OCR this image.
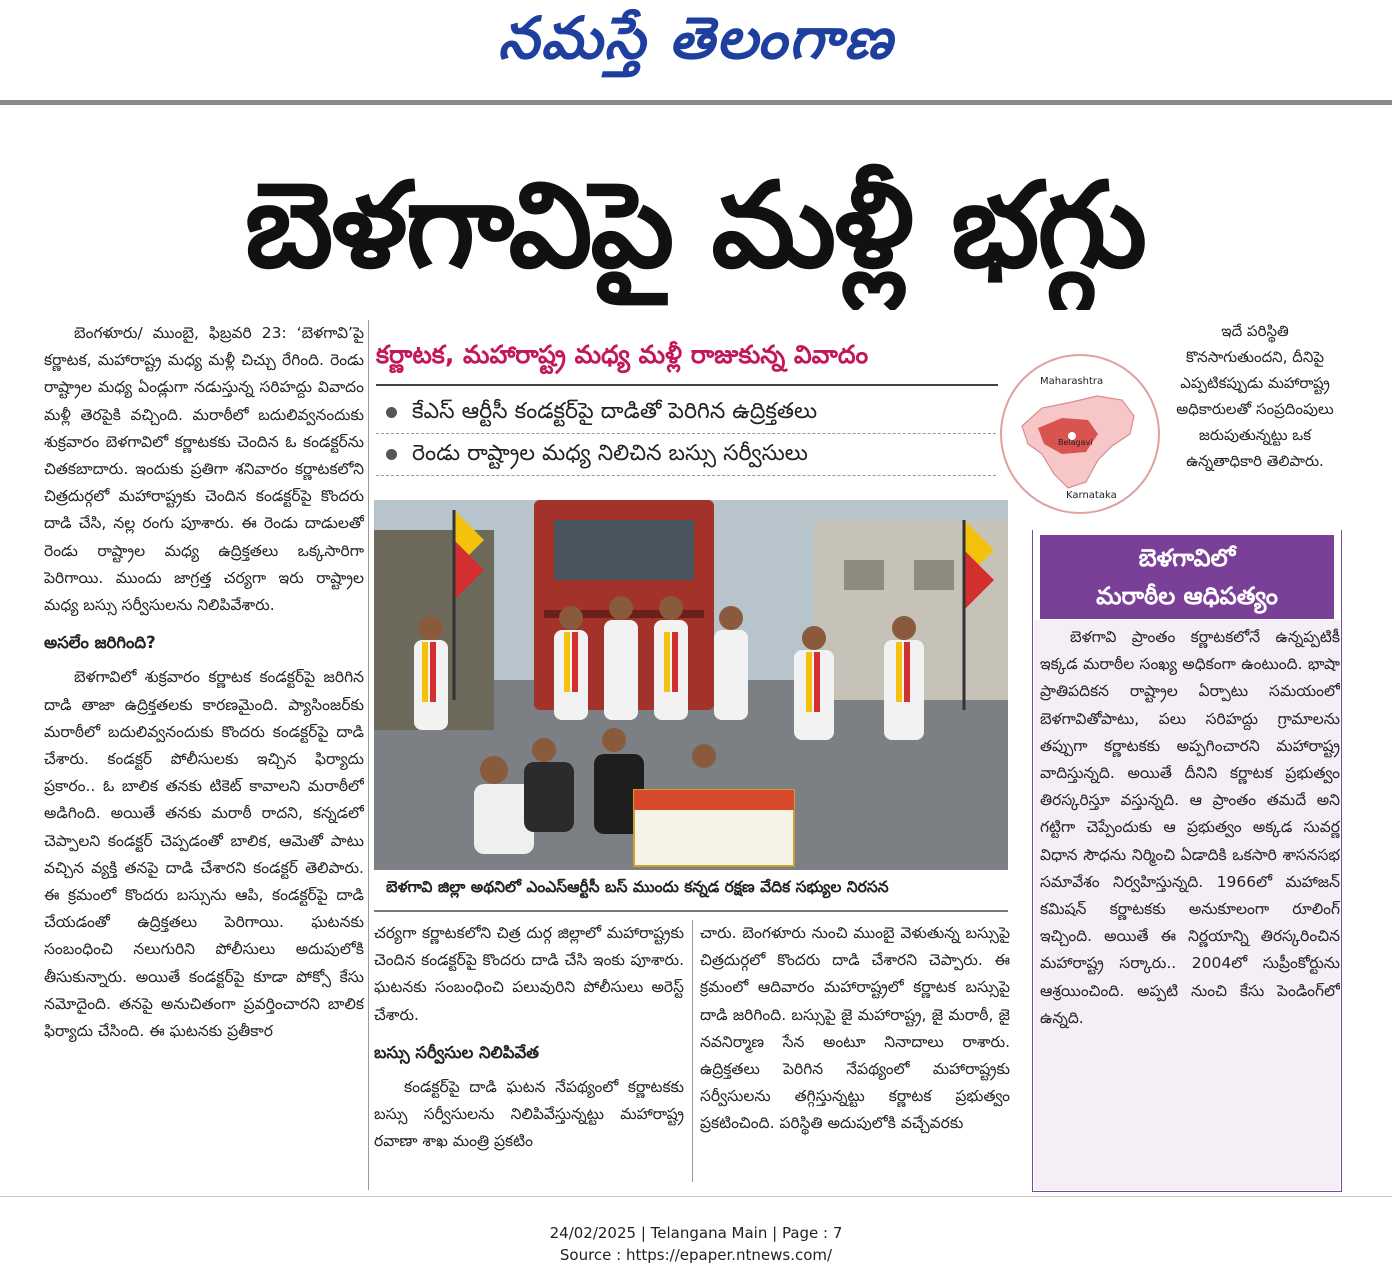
నమస్తే తెలంగాణ
బెళగావిపై మళ్లీ భగ్గు

బెంగళూరు/ ముంబై, ఫిబ్రవరి 23: ‘బెళగావి’పై కర్ణాటక, మహారాష్ట్ర మధ్య మళ్లీ చిచ్చు రేగింది. రెండు రాష్ట్రాల మధ్య ఏండ్లుగా నడుస్తున్న సరిహద్దు వివాదం మళ్లీ తెరపైకి వచ్చింది. మరాఠీలో బదులివ్వనందుకు శుక్రవారం బెళగావిలో కర్ణాటకకు చెందిన ఓ కండక్టర్‌ను చితకబాదారు. ఇందుకు ప్రతిగా శనివారం కర్ణాటకలోని చిత్రదుర్గలో మహారాష్ట్రకు చెందిన కండక్టర్‌పై కొందరు దాడి చేసి, నల్ల రంగు పూశారు. ఈ రెండు దాడులతో రెండు రాష్ట్రాల మధ్య ఉద్రిక్తతలు ఒక్కసారిగా పెరిగాయి. ముందు జాగ్రత్త చర్యగా ఇరు రాష్ట్రాల మధ్య బస్సు సర్వీసులను నిలిపివేశారు.

అసలేం జరిగింది?

బెళగావిలో శుక్రవారం కర్ణాటక కండక్టర్‌పై జరిగిన దాడి తాజా ఉద్రిక్తతలకు కారణమైంది. ప్యాసింజర్‌కు మరాఠీలో బదులివ్వనందుకు కొందరు కండక్టర్‌పై దాడి చేశారు. కండక్టర్ పోలీసులకు ఇచ్చిన ఫిర్యాదు ప్రకారం.. ఓ బాలిక తనకు టికెట్ కావాలని మరాఠీలో అడిగింది. అయితే తనకు మరాఠీ రాదని, కన్నడలో చెప్పాలని కండక్టర్ చెప్పడంతో బాలిక, ఆమెతో పాటు వచ్చిన వ్యక్తి తనపై దాడి చేశారని కండక్టర్ తెలిపారు. ఈ క్రమంలో కొందరు బస్సును ఆపి, కండక్టర్‌పై దాడి చేయడంతో ఉద్రిక్తతలు పెరిగాయి. ఘటనకు సంబంధించి నలుగురిని పోలీసులు అదుపులోకి తీసుకున్నారు. అయితే కండక్టర్‌పై కూడా పోక్సో కేసు నమోదైంది. తనపై అనుచితంగా ప్రవర్తించారని బాలిక ఫిర్యాదు చేసింది. ఈ ఘటనకు ప్రతీకార

కర్ణాటక, మహారాష్ట్ర మధ్య మళ్లీ రాజుకున్న వివాదం
కేఎస్ ఆర్టీసీ కండక్టర్‌పై దాడితో పెరిగిన ఉద్రిక్తతలు
రెండు రాష్ట్రాల మధ్య నిలిచిన బస్సు సర్వీసులు
Maharashtra
Belagavi
Karnataka
ఇదే పరిస్థితి కొనసాగుతుందని, దీనిపై ఎప్పటికప్పుడు మహారాష్ట్ర అధికారులతో సంప్రదింపులు జరుపుతున్నట్టు ఒక ఉన్నతాధికారి తెలిపారు.
బెళగావి జిల్లా అథనిలో ఎంఎస్ఆర్టీసీ బస్ ముందు కన్నడ రక్షణ వేదిక సభ్యుల నిరసన

చర్యగా కర్ణాటకలోని చిత్ర దుర్గ జిల్లాలో మహారాష్ట్రకు చెందిన కండక్టర్‌పై కొందరు దాడి చేసి ఇంకు పూశారు. ఘటనకు సంబంధించి పలువురిని పోలీసులు అరెస్ట్ చేశారు.

బస్సు సర్వీసుల నిలిపివేత

కండక్టర్‌పై దాడి ఘటన నేపథ్యంలో కర్ణాటకకు బస్సు సర్వీసులను నిలిపివేస్తున్నట్టు మహారాష్ట్ర రవాణా శాఖ మంత్రి ప్రకటిం

చారు. బెంగళూరు నుంచి ముంబై వెళుతున్న బస్సుపై చిత్రదుర్గలో కొందరు దాడి చేశారని చెప్పారు. ఈ క్రమంలో ఆదివారం మహారాష్ట్రలో కర్ణాటక బస్సుపై దాడి జరిగింది. బస్సుపై జై మహారాష్ట్ర, జై మరాఠీ, జై నవనిర్మాణ సేన అంటూ నినాదాలు రాశారు. ఉద్రిక్తతలు పెరిగిన నేపథ్యంలో మహారాష్ట్రకు సర్వీసులను తగ్గిస్తున్నట్టు కర్ణాటక ప్రభుత్వం ప్రకటించింది. పరిస్థితి అదుపులోకి వచ్చేవరకు

బెళగావిలో
మరాఠీల ఆధిపత్యం

బెళగావి ప్రాంతం కర్ణాటకలోనే ఉన్నప్పటికీ ఇక్కడ మరాఠీల సంఖ్య అధికంగా ఉంటుంది. భాషా ప్రాతిపదికన రాష్ట్రాల ఏర్పాటు సమయంలో బెళగావితోపాటు, పలు సరిహద్దు గ్రామాలను తప్పుగా కర్ణాటకకు అప్పగించారని మహారాష్ట్ర వాదిస్తున్నది. అయితే దీనిని కర్ణాటక ప్రభుత్వం తిరస్కరిస్తూ వస్తున్నది. ఆ ప్రాంతం తమదే అని గట్టిగా చెప్పేందుకు ఆ ప్రభుత్వం అక్కడ సువర్ణ విధాన సౌధను నిర్మించి ఏడాదికి ఒకసారి శాసనసభ సమావేశం నిర్వహిస్తున్నది. 1966లో మహాజన్ కమిషన్ కర్ణాటకకు అనుకూలంగా రూలింగ్ ఇచ్చింది. అయితే ఈ నిర్ణయాన్ని తిరస్కరించిన మహారాష్ట్ర సర్కారు.. 2004లో సుప్రీంకోర్టును ఆశ్రయించింది. అప్పటి నుంచి కేసు పెండింగ్‌లో ఉన్నది.

24/02/2025 | Telangana Main | Page : 7
Source : https://epaper.ntnews.com/
